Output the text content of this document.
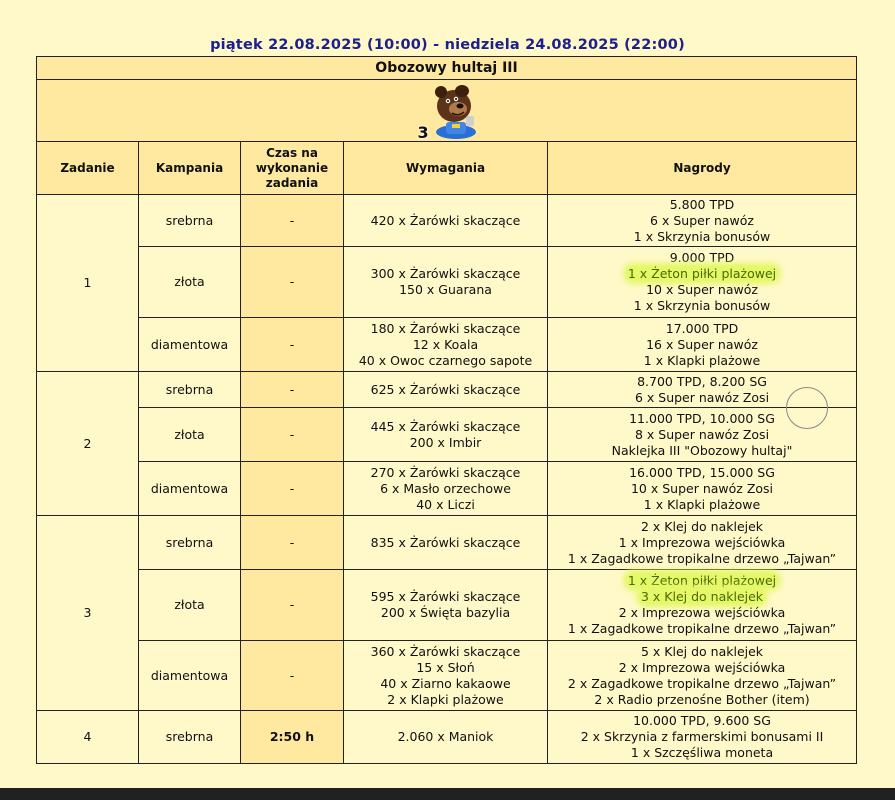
piątek 22.08.2025 (10:00) - niedziela 24.08.2025 (22:00)
Obozowy hultaj III				

3				

Zadanie	Kampania	Czas na wykonanie zadania	Wymagania	Nagrody
1	srebrna	-	420 x Żarówki skaczące	5.800 TPD
6 x Super nawóz
1 x Skrzynia bonusów

	złota	-	300 x Żarówki skaczące
150 x Guarana	9.000 TPD
1 x Żeton piłki plażowej
10 x Super nawóz
1 x Skrzynia bonusów

	diamentowa	-	180 x Żarówki skaczące
12 x Koala
40 x Owoc czarnego sapote	17.000 TPD
16 x Super nawóz
1 x Klapki plażowe

2	srebrna	-	625 x Żarówki skaczące	8.700 TPD, 8.200 SG
6 x Super nawóz Zosi

	złota	-	445 x Żarówki skaczące
200 x Imbir	11.000 TPD, 10.000 SG
8 x Super nawóz Zosi
Naklejka III "Obozowy hultaj"

	diamentowa	-	270 x Żarówki skaczące
6 x Masło orzechowe
40 x Liczi	16.000 TPD, 15.000 SG
10 x Super nawóz Zosi
1 x Klapki plażowe

3	srebrna	-	835 x Żarówki skaczące	2 x Klej do naklejek
1 x Imprezowa wejściówka
1 x Zagadkowe tropikalne drzewo „Tajwan”

	złota	-	595 x Żarówki skaczące
200 x Święta bazylia	1 x Żeton piłki plażowej
3 x Klej do naklejek
2 x Imprezowa wejściówka
1 x Zagadkowe tropikalne drzewo „Tajwan”

	diamentowa	-	360 x Żarówki skaczące
15 x Słoń
40 x Ziarno kakaowe
2 x Klapki plażowe	5 x Klej do naklejek
2 x Imprezowa wejściówka
2 x Zagadkowe tropikalne drzewo „Tajwan”
2 x Radio przenośne Bother (item)

4	srebrna	2:50 h	2.060 x Maniok	10.000 TPD, 9.600 SG
2 x Skrzynia z farmerskimi bonusami II
1 x Szczęśliwa moneta
